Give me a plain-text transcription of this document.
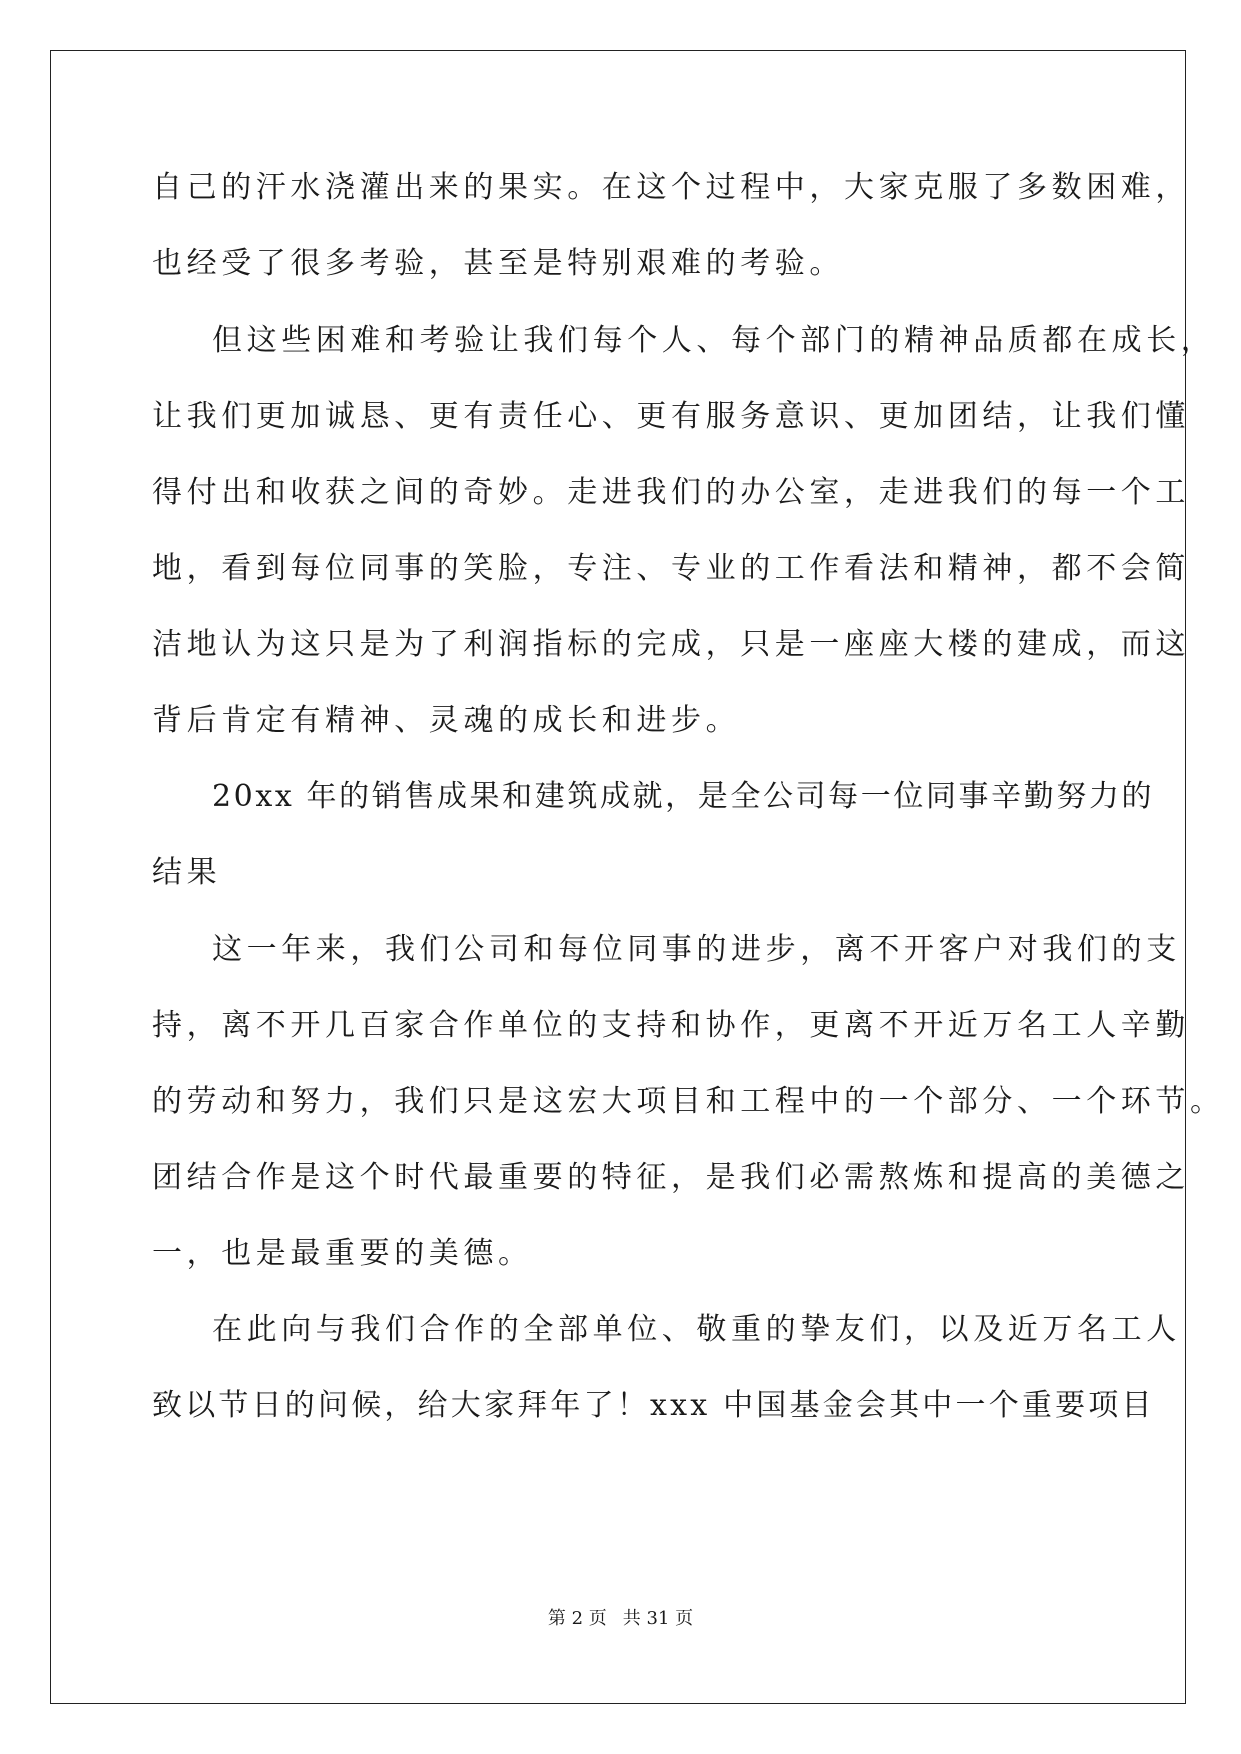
自己的汗水浇灌出来的果实。在这个过程中，大家克服了多数困难，
也经受了很多考验，甚至是特别艰难的考验。
但这些困难和考验让我们每个人、每个部门的精神品质都在成长，
让我们更加诚恳、更有责任心、更有服务意识、更加团结，让我们懂
得付出和收获之间的奇妙。走进我们的办公室，走进我们的每一个工
地，看到每位同事的笑脸，专注、专业的工作看法和精神，都不会简
洁地认为这只是为了利润指标的完成，只是一座座大楼的建成，而这
背后肯定有精神、灵魂的成长和进步。
20xx 年的销售成果和建筑成就，是全公司每一位同事辛勤努力的
结果
这一年来，我们公司和每位同事的进步，离不开客户对我们的支
持，离不开几百家合作单位的支持和协作，更离不开近万名工人辛勤
的劳动和努力，我们只是这宏大项目和工程中的一个部分、一个环节。
团结合作是这个时代最重要的特征，是我们必需熬炼和提高的美德之
一，也是最重要的美德。
在此向与我们合作的全部单位、敬重的挚友们，以及近万名工人
致以节日的问候，给大家拜年了！xxx 中国基金会其中一个重要项目
第 2 页 共 31 页
